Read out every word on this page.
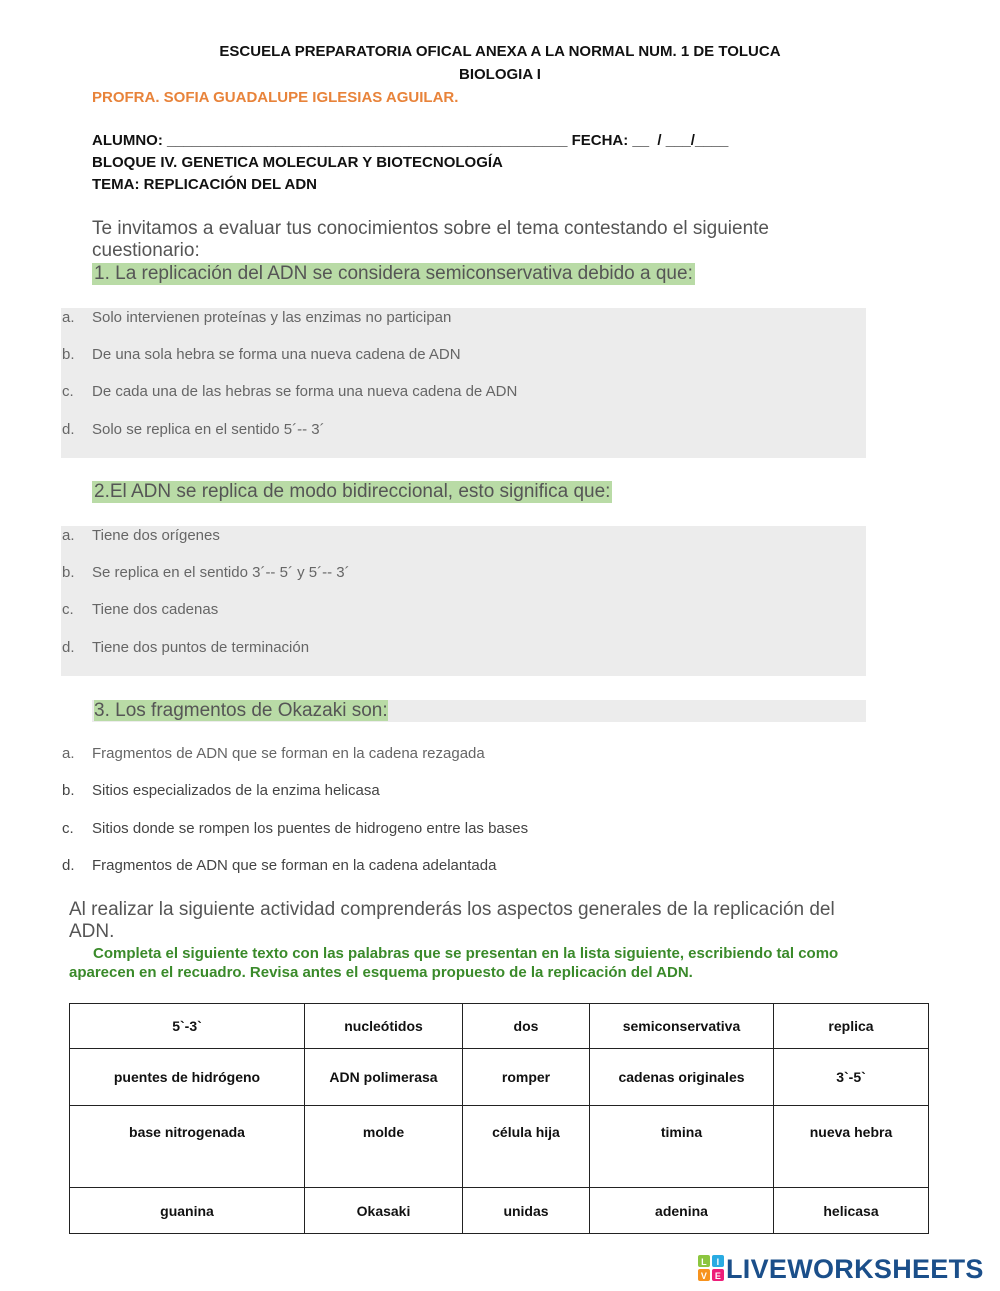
ESCUELA PREPARATORIA OFICAL ANEXA A LA NORMAL NUM. 1 DE TOLUCA
BIOLOGIA I
PROFRA. SOFIA GUADALUPE IGLESIAS AGUILAR.
ALUMNO: ________________________________________________ FECHA: __  / ___/____
BLOQUE IV. GENETICA MOLECULAR Y BIOTECNOLOGÍA
TEMA: REPLICACIÓN DEL ADN
Te invitamos a evaluar tus conocimientos sobre el tema contestando el siguiente cuestionario:
1. La replicación del ADN se considera semiconservativa debido a que:
a. Solo intervienen proteínas y las enzimas no participan
b. De una sola hebra se forma una nueva cadena de ADN
c. De cada una de las hebras se forma una nueva cadena de ADN
d. Solo se replica en el sentido 5´-- 3´
2.El ADN se replica de modo bidireccional, esto significa que:
a. Tiene dos orígenes
b. Se replica en el sentido 3´-- 5´ y 5´-- 3´
c. Tiene dos cadenas
d. Tiene dos puntos de terminación
3. Los fragmentos de Okazaki son:
a. Fragmentos de ADN que se forman en la cadena rezagada
b. Sitios especializados de la enzima helicasa
c. Sitios donde se rompen los puentes de hidrogeno entre las bases
d. Fragmentos de ADN que se forman en la cadena adelantada
Al realizar la siguiente actividad comprenderás los aspectos generales de la replicación del ADN.
Completa el siguiente texto con las palabras que se presentan en la lista siguiente, escribiendo tal como aparecen en el recuadro. Revisa antes el esquema propuesto de la replicación del ADN.
5`-3`	nucleótidos	dos	semiconservativa	replica
puentes de hidrógeno	ADN polimerasa	romper	cadenas originales	3`-5`
base nitrogenada	molde	célula hija	timina	nueva hebra
guanina	Okasaki	unidas	adenina	helicasa
L I
V E LIVEWORKSHEETS
